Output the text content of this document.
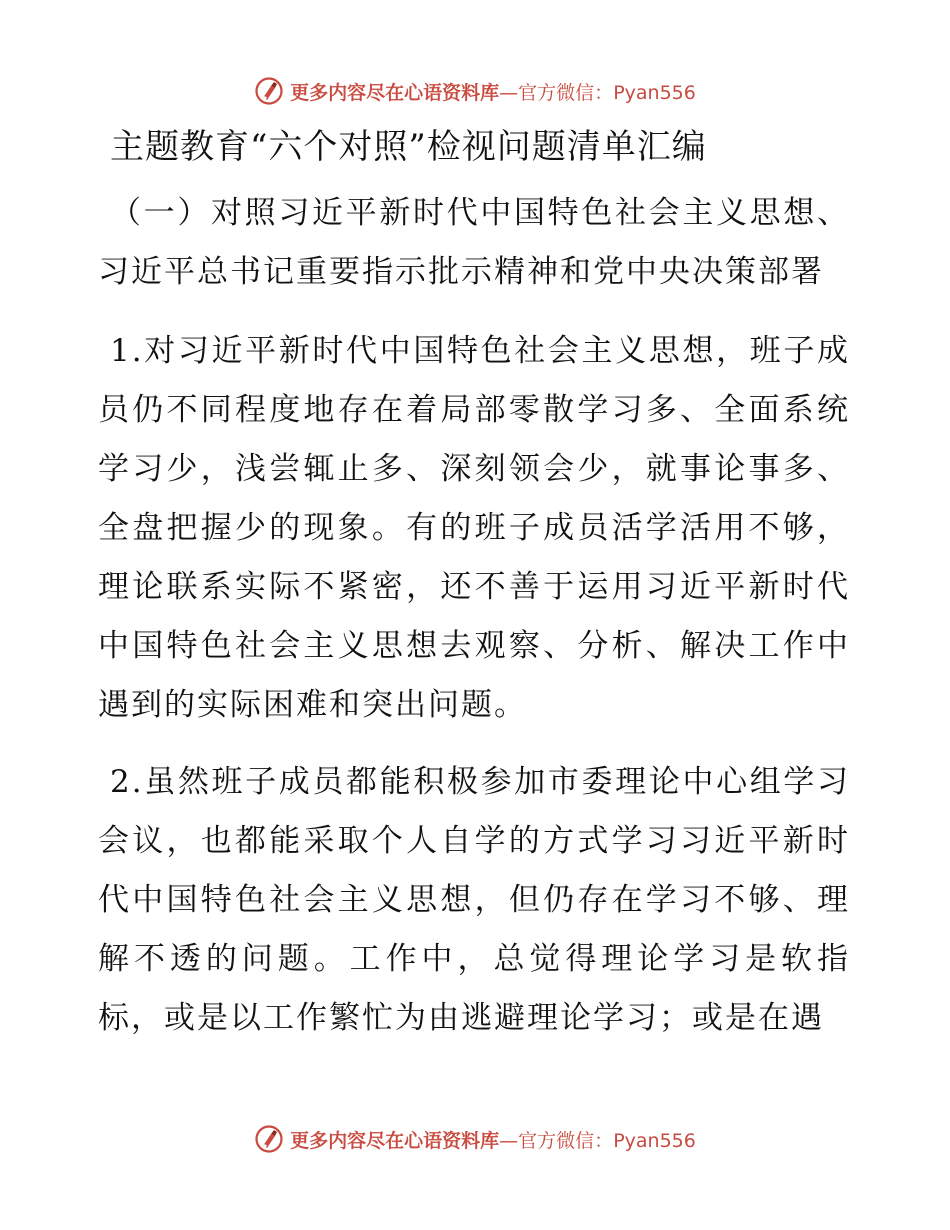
更多内容尽在心语资料库—官方微信：Pyan556
主题教育“六个对照”检视问题清单汇编

（一）对照习近平新时代中国特色社会主义思想、习近平总书记重要指示批示精神和党中央决策部署

1.对习近平新时代中国特色社会主义思想，班子成员仍不同程度地存在着局部零散学习多、全面系统学习少，浅尝辄止多、深刻领会少，就事论事多、全盘把握少的现象。有的班子成员活学活用不够，理论联系实际不紧密，还不善于运用习近平新时代中国特色社会主义思想去观察、分析、解决工作中遇到的实际困难和突出问题。

2.虽然班子成员都能积极参加市委理论中心组学习会议，也都能采取个人自学的方式学习习近平新时代中国特色社会主义思想，但仍存在学习不够、理解不透的问题。工作中，总觉得理论学习是软指标，或是以工作繁忙为由逃避理论学习；或是在遇

更多内容尽在心语资料库—官方微信：Pyan556
